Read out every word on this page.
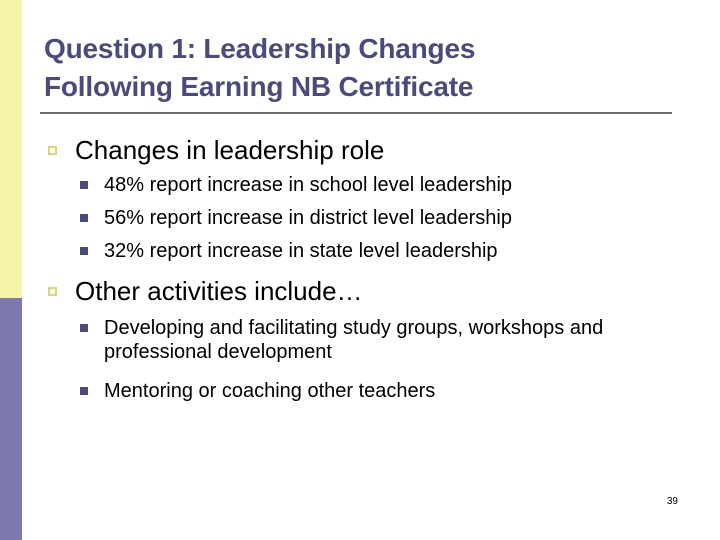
Question 1: Leadership Changes
Following Earning NB Certificate
Changes in leadership role
48% report increase in school level leadership
56% report increase in district level leadership
32% report increase in state level leadership
Other activities include…
Developing and facilitating study groups, workshops and professional development
Mentoring or coaching other teachers
39
